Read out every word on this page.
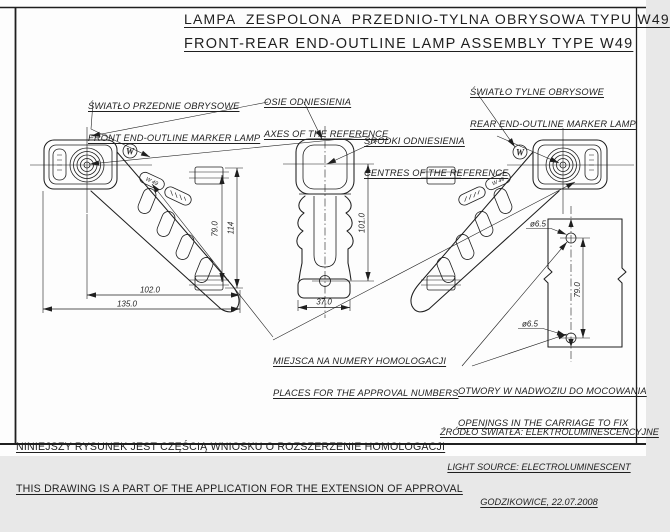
W
W 49
79.0 114
102.0
135.0
101.0
37.0
W
W 49
79.0
ø6.5
ø6.5
LAMPA  ZESPOLONA  PRZEDNIO-TYLNA OBRYSOWA TYPU W49
FRONT-REAR END-OUTLINE LAMP ASSEMBLY TYPE W49

ŚWIATŁO PRZEDNIE OBRYSOWE

FRONT END-OUTLINE MARKER LAMP

OSIE ODNIESIENIA

AXES OF THE REFERENCE

ŚWIATŁO TYLNE OBRYSOWE

REAR END-OUTLINE MARKER LAMP

ŚRODKI ODNIESIENIA

CENTRES OF THE REFERENCE

MIEJSCA NA NUMERY HOMOLOGACJI

PLACES FOR THE APPROVAL NUMBERS

OTWORY W NADWOZIU DO MOCOWANIA

OPENINGS IN THE CARRIAGE TO FIX

NINIEJSZY RYSUNEK JEST CZĘŚCIĄ WNIOSKU O ROZSZERZENIE HOMOLOGACJI

THIS DRAWING IS A PART OF THE APPLICATION FOR THE EXTENSION OF APPROVAL

ŹRÓDŁO ŚWIATŁA: ELEKTROLUMINESCENCYJNE

LIGHT SOURCE: ELECTROLUMINESCENT

GODZIKOWICE, 22.07.2008
